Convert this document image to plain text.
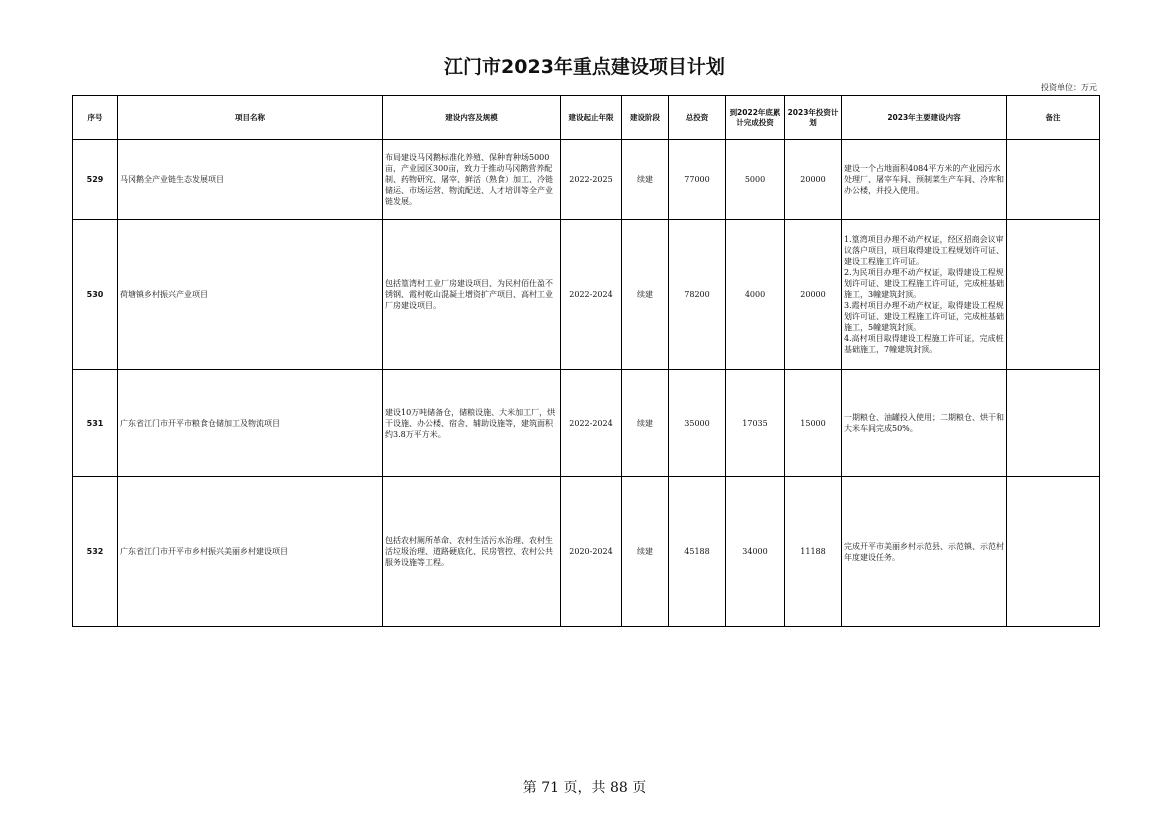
江门市2023年重点建设项目计划
投资单位：万元
序号	项目名称	建设内容及规模	建设起止年限	建设阶段	总投资	到2022年底累计完成投资	2023年投资计划	2023年主要建设内容	备注
529	马冈鹅全产业链生态发展项目	布局建设马冈鹅标准化养殖、保种育种场5000亩，产业园区300亩，致力于推动马冈鹅营养配制、药物研究、屠宰、鲜活（熟食）加工、冷链储运、市场运营、物流配送、人才培训等全产业链发展。	2022-2025	续建	77000	5000	20000	建设一个占地面积4084平方米的产业园污水处理厂、屠宰车间、预制菜生产车间、冷库和办公楼，并投入使用。	
530	荷塘镇乡村振兴产业项目	包括篁湾村工业厂房建设项目、为民村佰仕盈不锈钢、霞村乾山混凝土增资扩产项目、高村工业厂房建设项目。	2022-2024	续建	78200	4000	20000	1.篁湾项目办理不动产权证，经区招商会议审议落户项目，项目取得建设工程规划许可证、建设工程施工许可证。
2.为民项目办理不动产权证，取得建设工程规划许可证、建设工程施工许可证，完成桩基础施工，3幢建筑封顶。
3.霞村项目办理不动产权证，取得建设工程规划许可证、建设工程施工许可证，完成桩基础施工，5幢建筑封顶。
4.高村项目取得建设工程施工许可证，完成桩基础施工，7幢建筑封顶。	
531	广东省江门市开平市粮食仓储加工及物流项目	建设10万吨储备仓，储粮设施、大米加工厂，烘干设施、办公楼、宿舍、辅助设施等，建筑面积约3.8万平方米。	2022-2024	续建	35000	17035	15000	一期粮仓、油罐投入使用；二期粮仓、烘干和大米车间完成50%。	
532	广东省江门市开平市乡村振兴美丽乡村建设项目	包括农村厕所革命、农村生活污水治理、农村生活垃圾治理、道路硬底化、民房管控、农村公共服务设施等工程。	2020-2024	续建	45188	34000	11188	完成开平市美丽乡村示范县、示范镇、示范村年度建设任务。	
第 71 页，共 88 页
